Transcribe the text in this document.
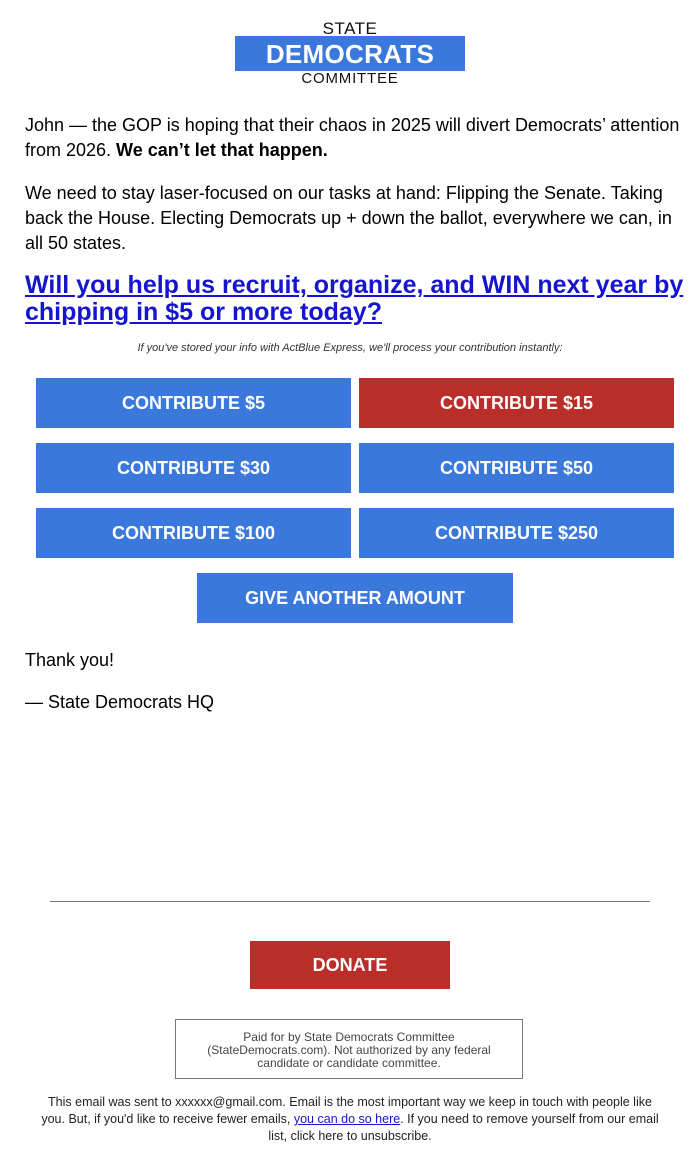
STATE
DEMOCRATS
COMMITTEE
John — the GOP is hoping that their chaos in 2025 will divert Democrats’ attention from 2026. We can’t let that happen.
We need to stay laser-focused on our tasks at hand: Flipping the Senate. Taking back the House. Electing Democrats up + down the ballot, everywhere we can, in all 50 states.
Will you help us recruit, organize, and WIN next year by chipping in $5 or more today?
If you've stored your info with ActBlue Express, we'll process your contribution instantly:
CONTRIBUTE $5	CONTRIBUTE $15
CONTRIBUTE $30	CONTRIBUTE $50
CONTRIBUTE $100	CONTRIBUTE $250
GIVE ANOTHER AMOUNT
Thank you!
— State Democrats HQ
DONATE
Paid for by State Democrats Committee (StateDemocrats.com). Not authorized by any federal candidate or candidate committee.
This email was sent to xxxxxx@gmail.com. Email is the most important way we keep in touch with people like you. But, if you'd like to receive fewer emails, you can do so here. If you need to remove yourself from our email list, click here to unsubscribe.
